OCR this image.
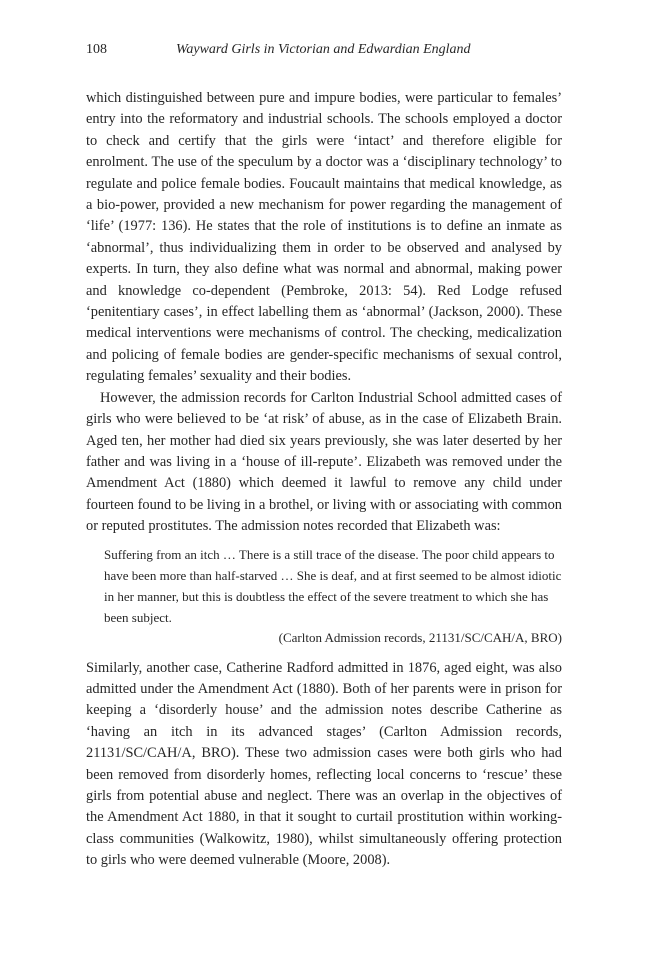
108	Wayward Girls in Victorian and Edwardian England

which distinguished between pure and impure bodies, were particular to females’ entry into the reformatory and industrial schools. The schools employed a doctor to check and certify that the girls were ‘intact’ and therefore eligible for enrolment. The use of the speculum by a doctor was a ‘disciplinary technology’ to regulate and police female bodies. Foucault maintains that medical knowledge, as a bio-power, provided a new mechanism for power regarding the management of ‘life’ (1977: 136). He states that the role of institutions is to define an inmate as ‘abnormal’, thus individualizing them in order to be observed and analysed by experts. In turn, they also define what was normal and abnormal, making power and knowledge co-dependent (Pembroke, 2013: 54). Red Lodge refused ‘penitentiary cases’, in effect labelling them as ‘abnormal’ (Jackson, 2000). These medical interventions were mechanisms of control. The checking, medicalization and policing of female bodies are gender-specific mechanisms of sexual control, regulating females’ sexuality and their bodies.

However, the admission records for Carlton Industrial School admitted cases of girls who were believed to be ‘at risk’ of abuse, as in the case of Elizabeth Brain. Aged ten, her mother had died six years previously, she was later deserted by her father and was living in a ‘house of ill-repute’. Elizabeth was removed under the Amendment Act (1880) which deemed it lawful to remove any child under fourteen found to be living in a brothel, or living with or associating with common or reputed prostitutes. The admission notes recorded that Elizabeth was:

Suffering from an itch … There is a still trace of the disease. The poor child appears to have been more than half-starved … She is deaf, and at first seemed to be almost idiotic in her manner, but this is doubtless the effect of the severe treatment to which she has been subject.

(Carlton Admission records, 21131/SC/CAH/A, BRO)

Similarly, another case, Catherine Radford admitted in 1876, aged eight, was also admitted under the Amendment Act (1880). Both of her parents were in prison for keeping a ‘disorderly house’ and the admission notes describe Catherine as ‘having an itch in its advanced stages’ (Carlton Admission records, 21131/SC/CAH/A, BRO). These two admission cases were both girls who had been removed from disorderly homes, reflecting local concerns to ‘rescue’ these girls from potential abuse and neglect. There was an overlap in the objectives of the Amendment Act 1880, in that it sought to curtail prostitution within working-class communities (Walkowitz, 1980), whilst simultaneously offering protection to girls who were deemed vulnerable (Moore, 2008).
